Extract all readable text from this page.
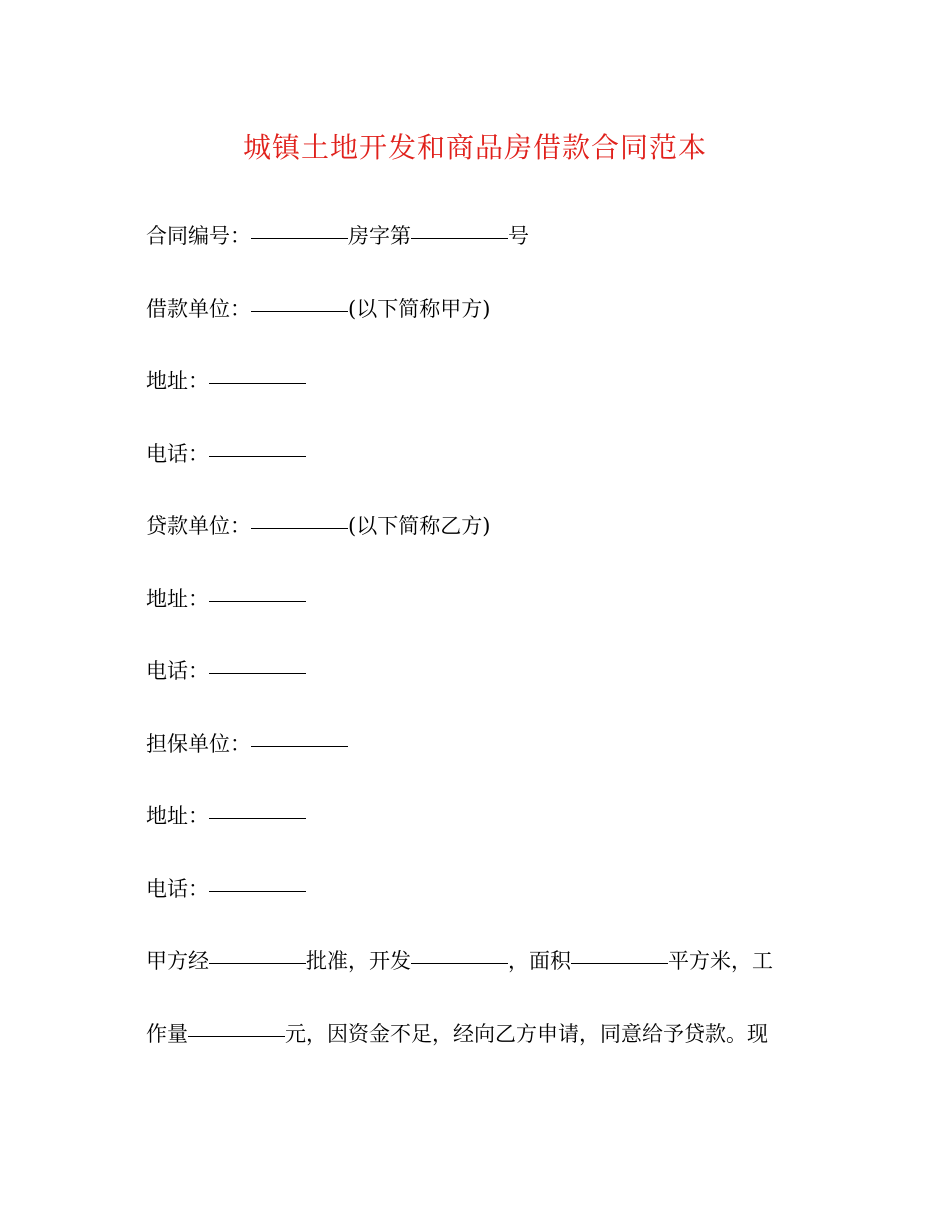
城镇土地开发和商品房借款合同范本
合同编号：	房字第	号
借款单位：	(以下简称甲方)
地址：
电话：
贷款单位：	(以下简称乙方)
地址：
电话：
担保单位：
地址：
电话：
甲方经	批准，开发	，面积	平方米，工
作量	元，因资金不足，经向乙方申请，同意给予贷款。现
